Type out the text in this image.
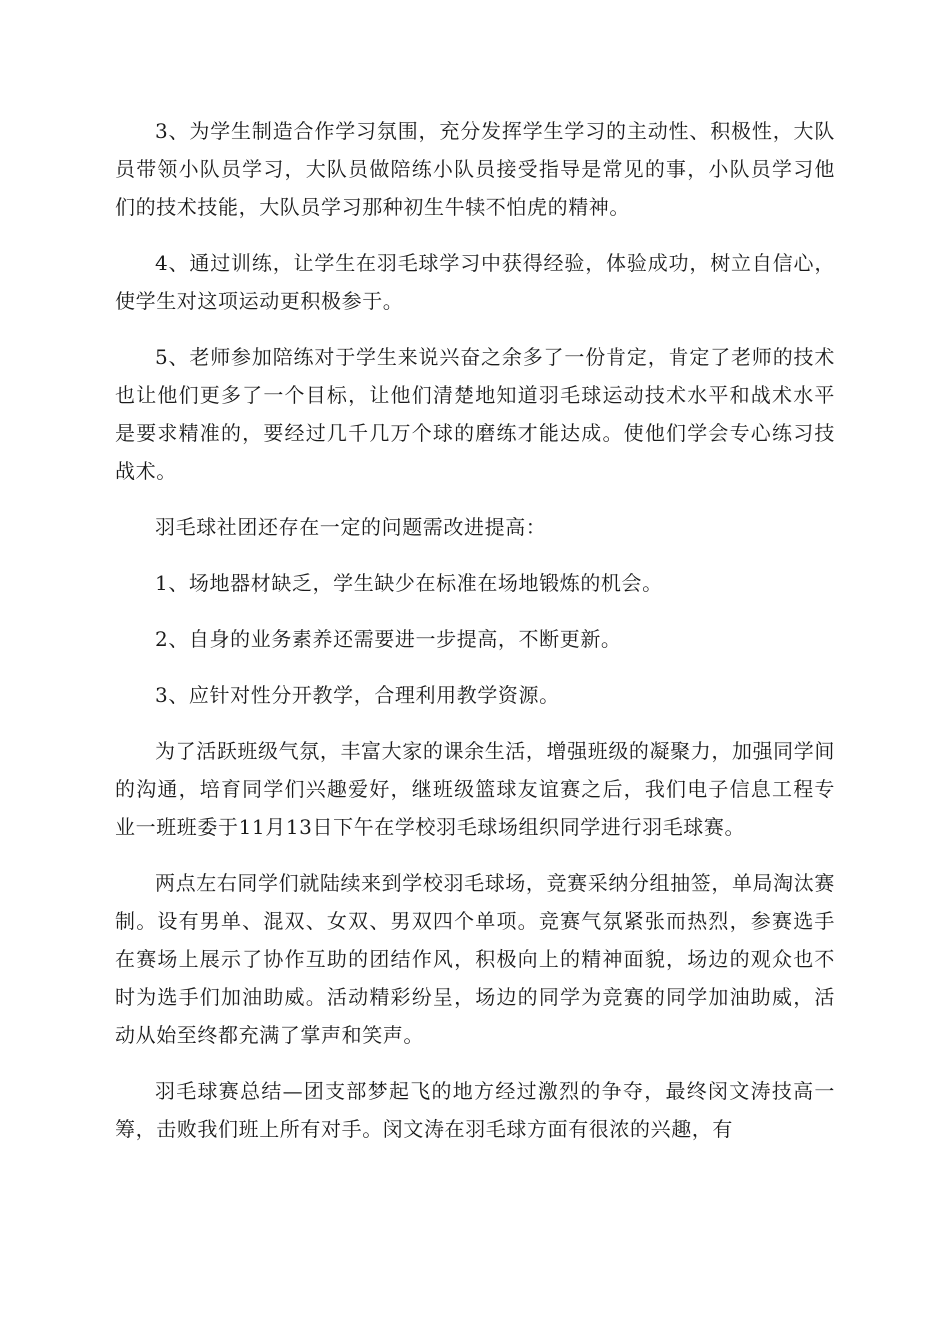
3、为学生制造合作学习氛围，充分发挥学生学习的主动性、积极性，大队员带领小队员学习，大队员做陪练小队员接受指导是常见的事，小队员学习他们的技术技能，大队员学习那种初生牛犊不怕虎的精神。

4、通过训练，让学生在羽毛球学习中获得经验，体验成功，树立自信心，使学生对这项运动更积极参于。

5、老师参加陪练对于学生来说兴奋之余多了一份肯定，肯定了老师的技术也让他们更多了一个目标，让他们清楚地知道羽毛球运动技术水平和战术水平是要求精准的，要经过几千几万个球的磨练才能达成。使他们学会专心练习技战术。

羽毛球社团还存在一定的问题需改进提高：

1、场地器材缺乏，学生缺少在标准在场地锻炼的机会。

2、自身的业务素养还需要进一步提高，不断更新。

3、应针对性分开教学，合理利用教学资源。

为了活跃班级气氛，丰富大家的课余生活，增强班级的凝聚力，加强同学间的沟通，培育同学们兴趣爱好，继班级篮球友谊赛之后，我们电子信息工程专业一班班委于11月13日下午在学校羽毛球场组织同学进行羽毛球赛。

两点左右同学们就陆续来到学校羽毛球场，竞赛采纳分组抽签，单局淘汰赛制。设有男单、混双、女双、男双四个单项。竞赛气氛紧张而热烈，参赛选手在赛场上展示了协作互助的团结作风，积极向上的精神面貌，场边的观众也不时为选手们加油助威。活动精彩纷呈，场边的同学为竞赛的同学加油助威，活动从始至终都充满了掌声和笑声。

羽毛球赛总结—团支部梦起飞的地方经过激烈的争夺，最终闵文涛技高一筹，击败我们班上所有对手。闵文涛在羽毛球方面有很浓的兴趣，有
